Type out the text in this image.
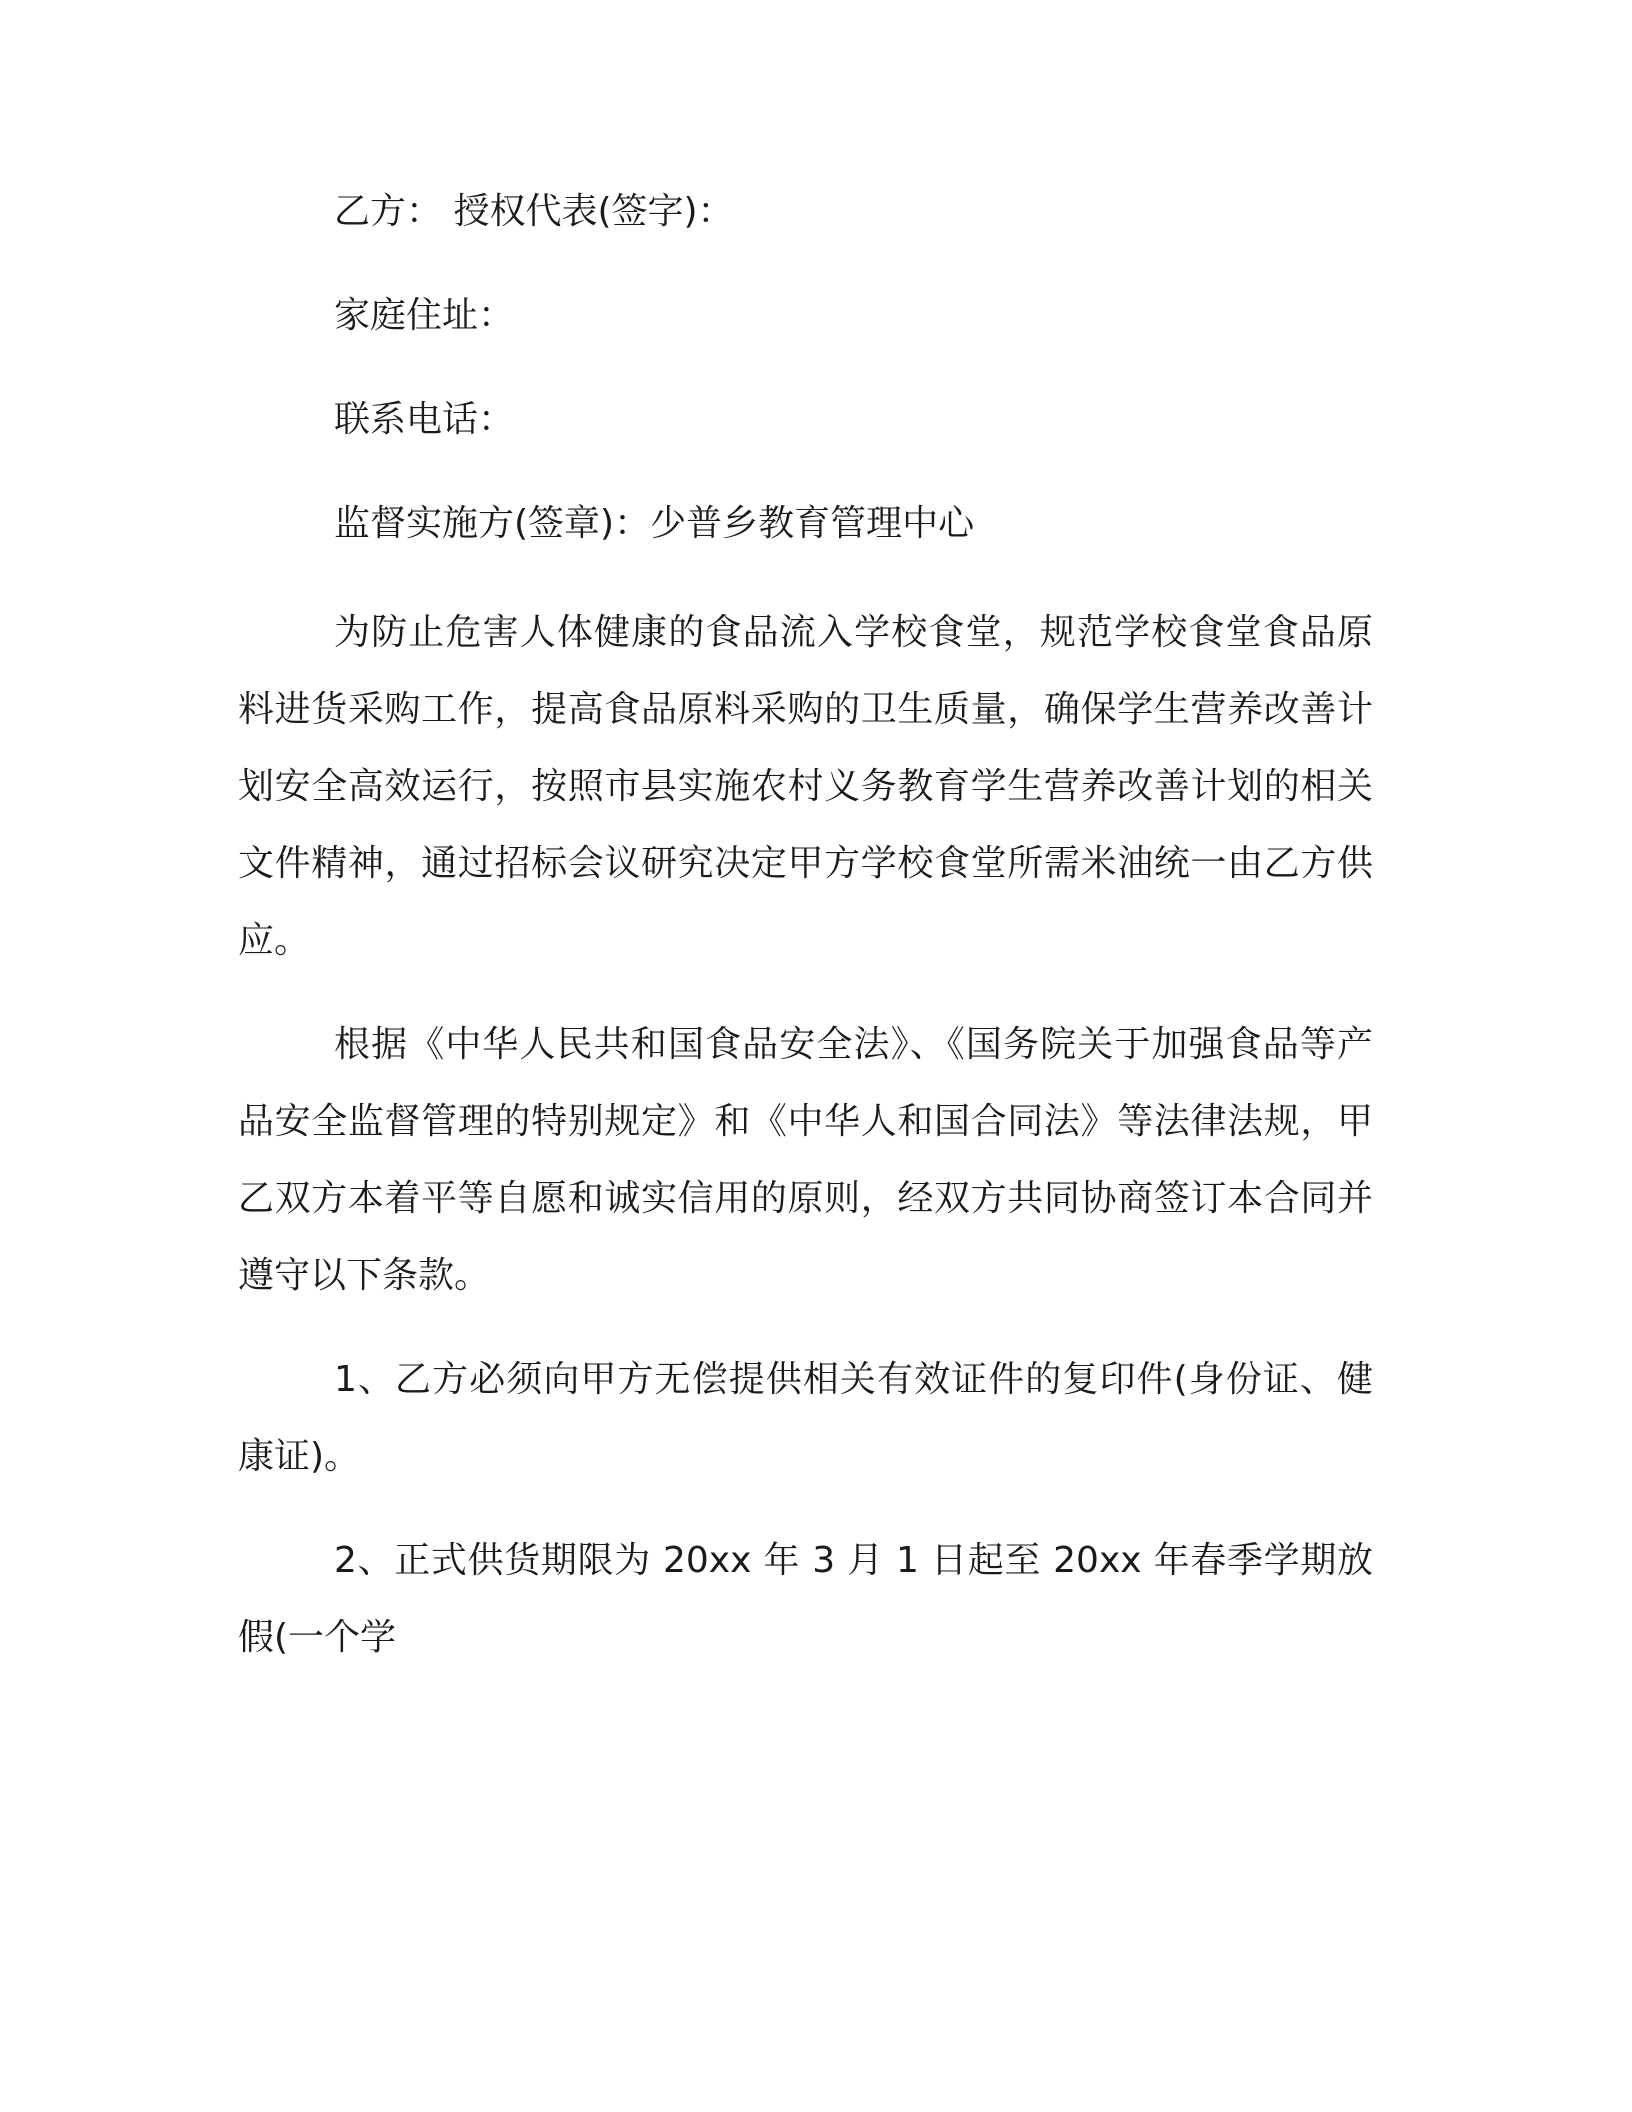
乙方： 授权代表(签字)：
家庭住址：
联系电话：
监督实施方(签章)：少普乡教育管理中心

为防止危害人体健康的食品流入学校食堂，规范学校食堂食品原料进货采购工作，提高食品原料采购的卫生质量，确保学生营养改善计划安全高效运行，按照市县实施农村义务教育学生营养改善计划的相关文件精神，通过招标会议研究决定甲方学校食堂所需米油统一由乙方供应。

根据《中华人民共和国食品安全法》、《国务院关于加强食品等产品安全监督管理的特别规定》和《中华人和国合同法》等法律法规，甲乙双方本着平等自愿和诚实信用的原则，经双方共同协商签订本合同并遵守以下条款。

1、乙方必须向甲方无偿提供相关有效证件的复印件(身份证、健康证)。

2、正式供货期限为 20xx 年 3 月 1 日起至 20xx 年春季学期放假(一个学
